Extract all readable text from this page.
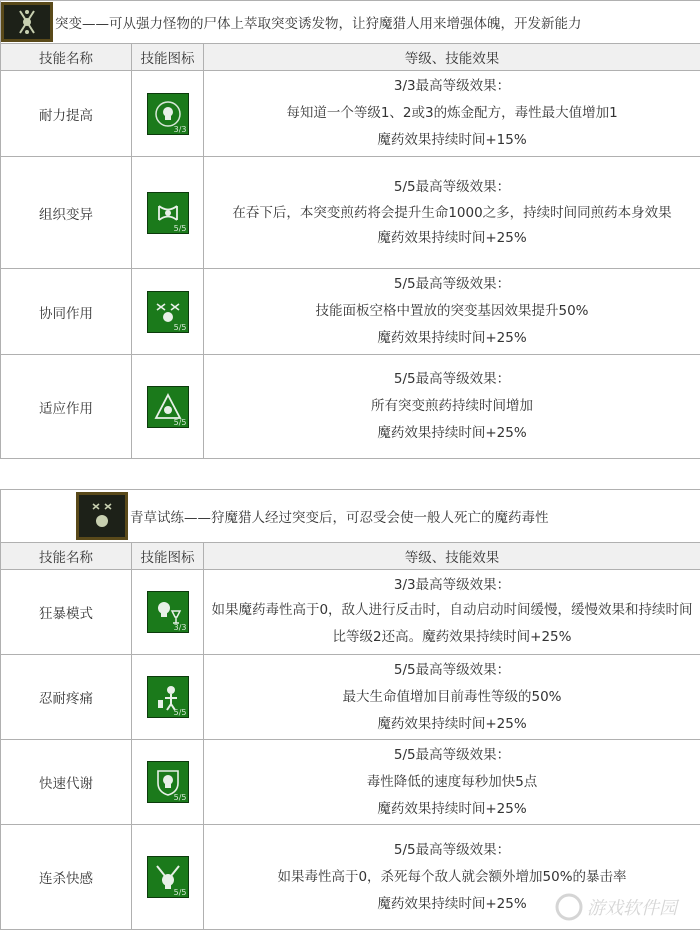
突变——可从强力怪物的尸体上萃取突变诱发物，让狩魔猎人用来增强体魄，开发新能力		

技能名称	技能图标	等级、技能效果
耐力提高	3/3	3/3最高等级效果：

每知道一个等级1、2或3的炼金配方，毒性最大值增加1

魔药效果持续时间+15%

组织变异	5/5	5/5最高等级效果：

在吞下后，本突变煎药将会提升生命1000之多，持续时间同煎药本身效果

魔药效果持续时间+25%

协同作用	5/5	5/5最高等级效果：

技能面板空格中置放的突变基因效果提升50%

魔药效果持续时间+25%

适应作用	5/5	5/5最高等级效果：

所有突变煎药持续时间增加

魔药效果持续时间+25%

青草试练——狩魔猎人经过突变后，可忍受会使一般人死亡的魔药毒性		

技能名称	技能图标	等级、技能效果
狂暴模式	3/3	3/3最高等级效果：

如果魔药毒性高于0，敌人进行反击时，自动启动时间缓慢，缓慢效果和持续时间比等级2还高。魔药效果持续时间+25%

忍耐疼痛	5/5	5/5最高等级效果：

最大生命值增加目前毒性等级的50%

魔药效果持续时间+25%

快速代谢	5/5	5/5最高等级效果：

毒性降低的速度每秒加快5点

魔药效果持续时间+25%

连杀快感	5/5	5/5最高等级效果：

如果毒性高于0，杀死每个敌人就会额外增加50%的暴击率

魔药效果持续时间+25%	游戏软件园
